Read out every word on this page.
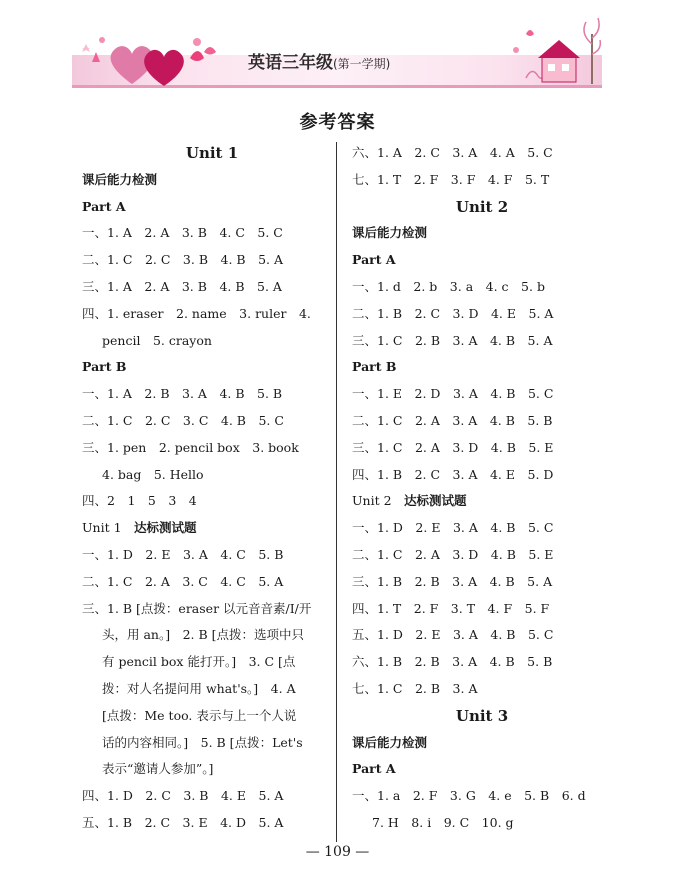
英语三年级(第一学期)
参考答案
Unit 1
课后能力检测
Part A
一、1. A　2. A　3. B　4. C　5. C
二、1. C　2. C　3. B　4. B　5. A
三、1. A　2. A　3. B　4. B　5. A
四、1. eraser　2. name　3. ruler　4.
pencil　5. crayon
Part B
一、1. A　2. B　3. A　4. B　5. B
二、1. C　2. C　3. C　4. B　5. C
三、1. pen　2. pencil box　3. book
4. bag　5. Hello
四、2　1　5　3　4
Unit 1　达标测试题
一、1. D　2. E　3. A　4. C　5. B
二、1. C　2. A　3. C　4. C　5. A
三、1. B [点拨：eraser 以元音音素/I/开
头，用 an。]　2. B [点拨：选项中只
有 pencil box 能打开。]　3. C [点
拨：对人名提问用 what's。]　4. A
[点拨：Me too. 表示与上一个人说
话的内容相同。]　5. B [点拨：Let's
表示“邀请人参加”。]
四、1. D　2. C　3. B　4. E　5. A
五、1. B　2. C　3. E　4. D　5. A
六、1. A　2. C　3. A　4. A　5. C
七、1. T　2. F　3. F　4. F　5. T
Unit 2
课后能力检测
Part A
一、1. d　2. b　3. a　4. c　5. b
二、1. B　2. C　3. D　4. E　5. A
三、1. C　2. B　3. A　4. B　5. A
Part B
一、1. E　2. D　3. A　4. B　5. C
二、1. C　2. A　3. A　4. B　5. B
三、1. C　2. A　3. D　4. B　5. E
四、1. B　2. C　3. A　4. E　5. D
Unit 2　达标测试题
一、1. D　2. E　3. A　4. B　5. C
二、1. C　2. A　3. D　4. B　5. E
三、1. B　2. B　3. A　4. B　5. A
四、1. T　2. F　3. T　4. F　5. F
五、1. D　2. E　3. A　4. B　5. C
六、1. B　2. B　3. A　4. B　5. B
七、1. C　2. B　3. A
Unit 3
课后能力检测
Part A
一、1. a　2. F　3. G　4. e　5. B　6. d
7. H　8. i　9. C　10. g
— 109 —
